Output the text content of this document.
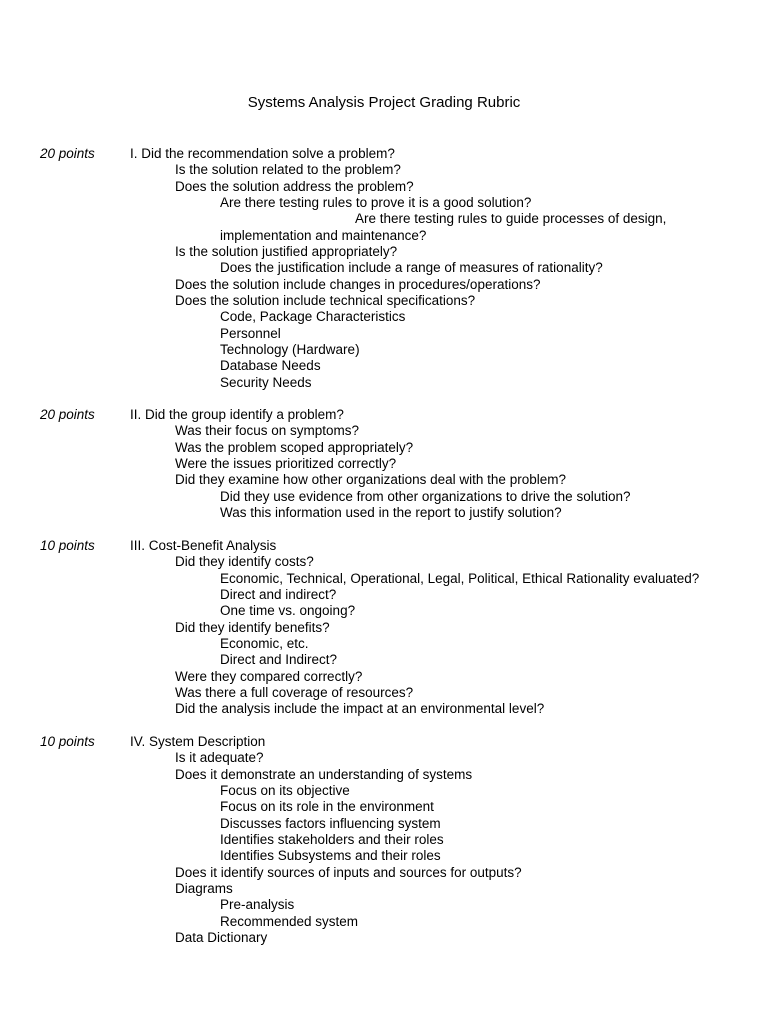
Systems Analysis Project Grading Rubric
20 points	I. Did the recommendation solve a problem?
Is the solution related to the problem?
Does the solution address the problem?
Are there testing rules to prove it is a good solution?
Are there testing rules to guide processes of design,
implementation and maintenance?
Is the solution justified appropriately?
Does the justification include a range of measures of rationality?
Does the solution include changes in procedures/operations?
Does the solution include technical specifications?
Code, Package Characteristics
Personnel
Technology (Hardware)
Database Needs
Security Needs
20 points	II. Did the group identify a problem?
Was their focus on symptoms?
Was the problem scoped appropriately?
Were the issues prioritized correctly?
Did they examine how other organizations deal with the problem?
Did they use evidence from other organizations to drive the solution?
Was this information used in the report to justify solution?
10 points	III. Cost-Benefit Analysis
Did they identify costs?
Economic, Technical, Operational, Legal, Political, Ethical Rationality evaluated?
Direct and indirect?
One time vs. ongoing?
Did they identify benefits?
Economic, etc.
Direct and Indirect?
Were they compared correctly?
Was there a full coverage of resources?
Did the analysis include the impact at an environmental level?
10 points	IV. System Description
Is it adequate?
Does it demonstrate an understanding of systems
Focus on its objective
Focus on its role in the environment
Discusses factors influencing system
Identifies stakeholders and their roles
Identifies Subsystems and their roles
Does it identify sources of inputs and sources for outputs?
Diagrams
Pre-analysis
Recommended system
Data Dictionary
